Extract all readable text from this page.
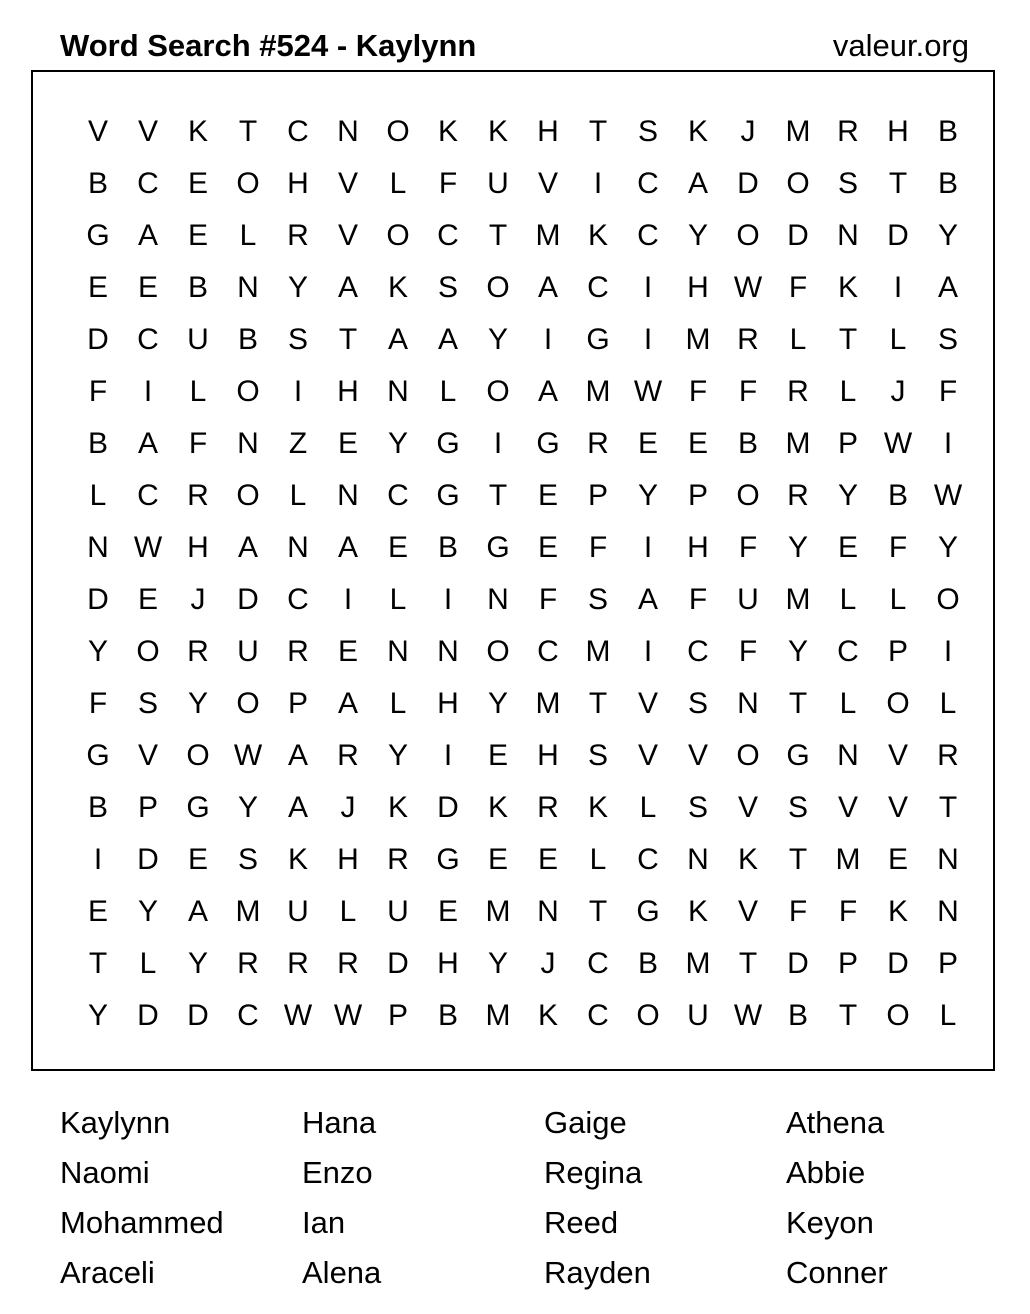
Word Search #524 - Kaylynn	valeur.org
V V K	T	C N O K K H	T	S K	J	M R H B
B C E O H V	L	F	U V	I	C A D O S	T	B
G A E	L	R V O C	T M K C Y O D N D Y
E E B N Y A K S O A C	I	H W F	K	I	A
D C U B S	T	A A Y	I	G	I	M R	L	T	L	S
F	I	L O	I	H N	L O A M W F	F	R	L	J	F
B A	F	N	Z	E Y G	I	G R E E B M P W	I
L	C R O L	N C G T	E P Y P O R Y B W
N W H A N A E B G E	F	I	H	F	Y E	F	Y
D E	J	D C	I	L	I	N	F	S A	F	U M L	L O
Y O R U R E N N O C M	I	C	F	Y C P	I
F	S Y O P A	L	H Y M T	V S N	T	L O L
G V O W A R Y	I	E H S V V O G N V R
B P G Y A	J	K D K R K	L	S V S V V	T
I	D E S K H R G E E	L	C N K	T M E N
E Y A M U	L	U E M N	T G K V	F	F	K N
T	L	Y R R R D H Y	J	C B M T	D P D P
Y D D C W W P B M K C O U W B	T O L
Kaylynn	Hana	Gaige	Athena
Naomi	Enzo	Regina	Abbie
Mohammed	Ian	Reed	Keyon
Araceli	Alena	Rayden	Conner
